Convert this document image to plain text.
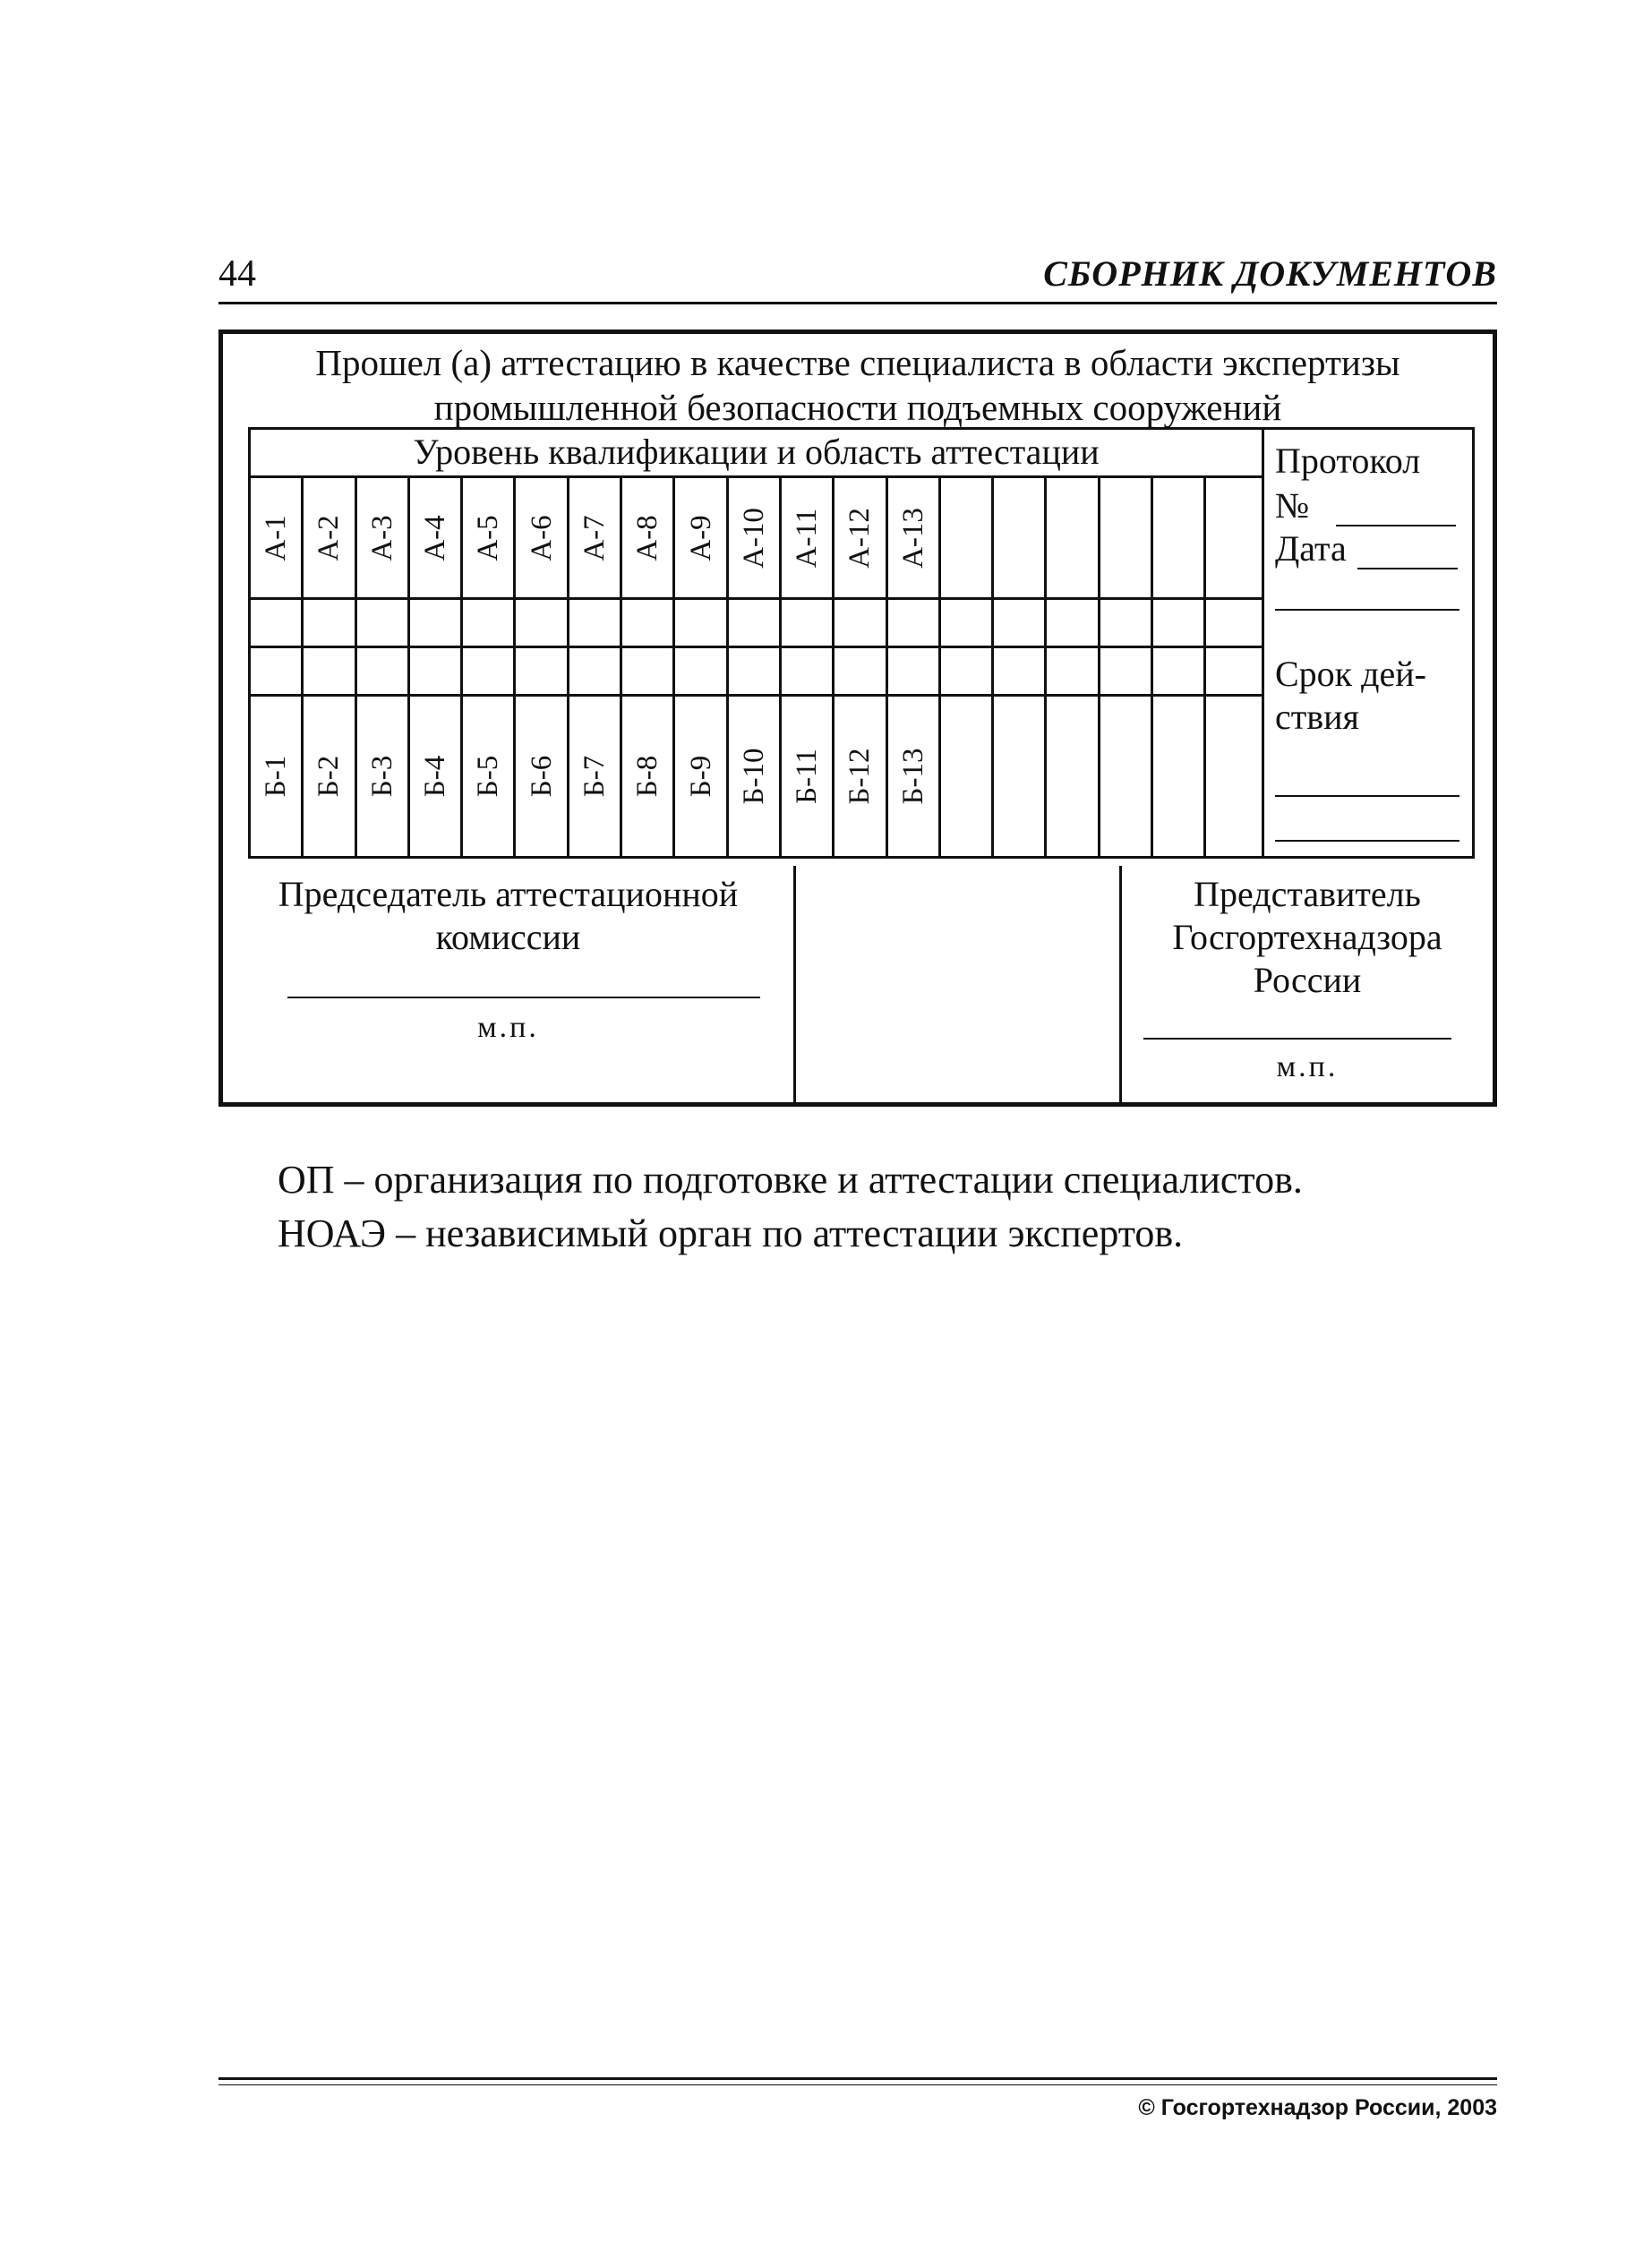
44	СБОРНИК ДОКУМЕНТОВ
Прошел (а) аттестацию в качестве специалиста в области экспертизы
промышленной безопасности подъемных сооружений
Уровень квалификации и область аттестации
А-1 А-2 А-3 А-4 А-5 А-6 А-7 А-8 А-9 А-10 А-11 А-12 А-13
Б-1 Б-2 Б-3 Б-4 Б-5 Б-6 Б-7 Б-8 Б-9 Б-10 Б-11 Б-12 Б-13
Протокол
№
Дата
Срок дей-
ствия
Председатель аттестационной
комиссии
м.п.
Представитель
Госгортехнадзора
России
м.п.
ОП – организация по подготовке и аттестации специалистов.
НОАЭ – независимый орган по аттестации экспертов.
© Госгортехнадзор России, 2003
